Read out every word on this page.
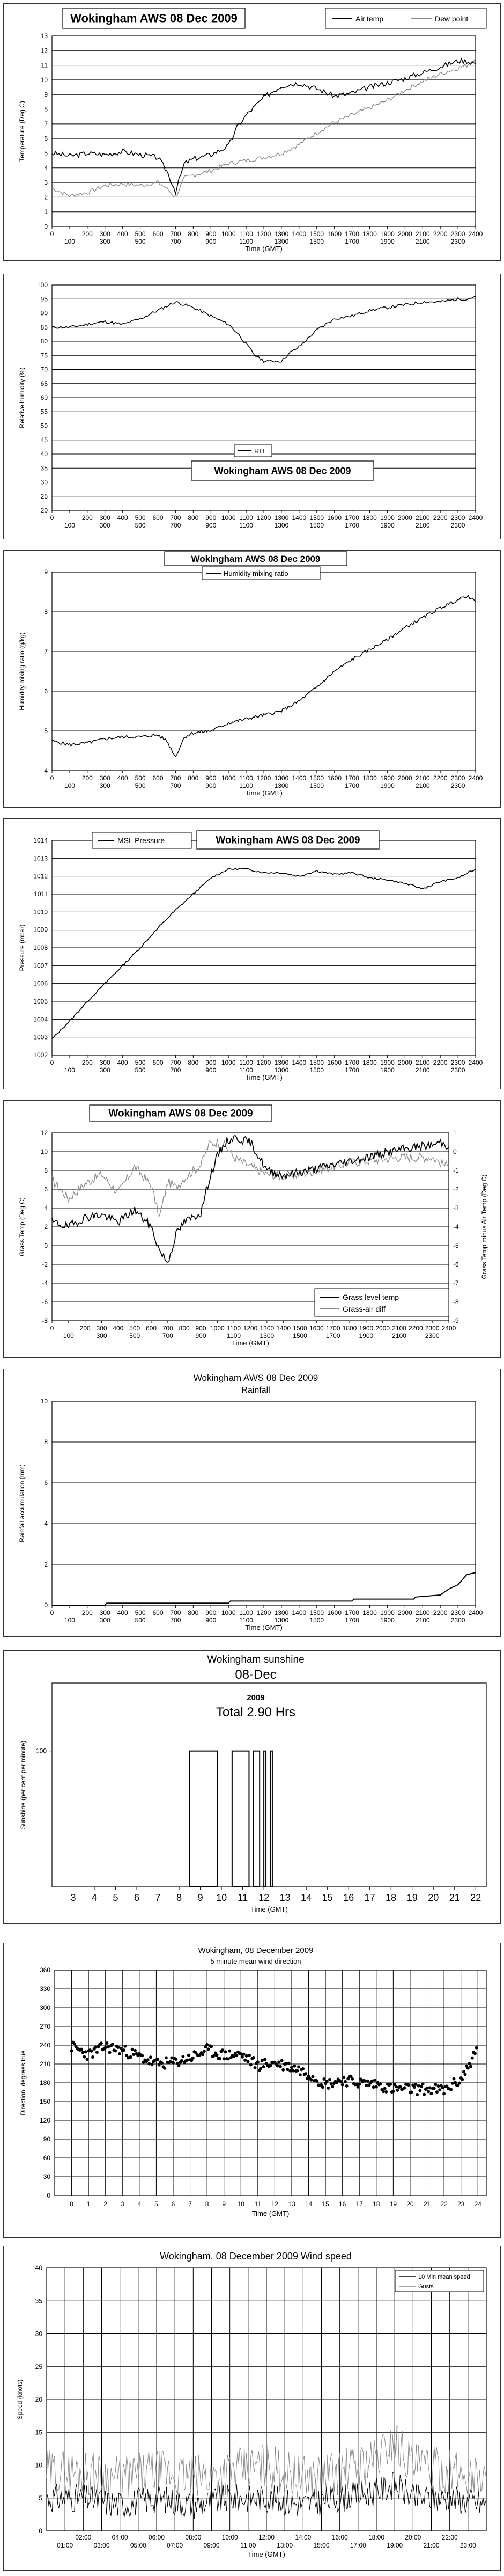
0
1
2
3
4
5
6
7
8
9
10
11
12
13
0	200 300 400 500 600 700 800 900 1000 1100 1200 1300 1400 1500 1600 1700 1800 1900 2000 2100 2200 2300 2400
100	300	500	700	900	1100	1300	1500	1700	1900	2100	2300
Time (GMT)
Temperature (Deg C)
Wokingham AWS 08 Dec 2009	Air temp	Dew point
20
25
30
35
40
45
50
55
60
65
70
75
80
85
90
95
100
0	200 300 400 500 600 700 800 900 1000 1100 1200 1300 1400 1500 1600 1700 1800 1900 2000 2100 2200 2300 2400
100	300	500	700	900	1100	1300	1500	1700	1900	2100	2300
Relative humidity (%)
RH
Wokingham AWS 08 Dec 2009
4
5
6
7
8
9
0	200 300 400 500 600 700 800 900 1000 1100 1200 1300 1400 1500 1600 1700 1800 1900 2000 2100 2200 2300 2400
100	300	500	700	900	1100	1300	1500	1700	1900	2100	2300
Time (GMT)
Humidity mixing ratio (g/kg)
Wokingham AWS 08 Dec 2009
Humidity mixing ratio
1002
1003
1004
1005
1006
1007
1008
1009
1010
1011
1012
1013
1014
0	200 300 400 500 600 700 800 900 1000 1100 1200 1300 1400 1500 1600 1700 1800 1900 2000 2100 2200 2300 2400
100	300	500	700	900	1100	1300	1500	1700	1900	2100	2300
Time (GMT)
Pressure (mbar)
MSL Pressure	Wokingham AWS 08 Dec 2009
-8
-6
-4
-2
0
2
4
6
8
10
12
-9
-8
-7
-6
-5
-4
-3
-2
-1
0
1
0	200 300 400 500 600 700 800 900 1000 1100 1200 1300 1400 1500 1600 1700 1800 1900 2000 2100 2200 2300 2400
100	300	500	700	900	1100	1300	1500	1700	1900	2100	2300
Time (GMT)
Grass Temp (Deg C)	Grass Temp minus Air Temp (Deg C)
Wokingham AWS 08 Dec 2009
Grass level temp
Grass-air diff
0
2
4
6
8
10
0	200 300 400 500 600 700 800 900 1000 1100 1200 1300 1400 1500 1600 1700 1800 1900 2000 2100 2200 2300 2400
100	300	500	700	900	1100	1300	1500	1700	1900	2100	2300
Time (GMT)
Rainfall accumulation (mm)
Wokingham AWS 08 Dec 2009
Rainfall
100
3 4 5 6 7 8 9 10 11 12 13 14 15 16 17 18 19 20 21 22
Time (GMT)
Sunshine (per cent per minute)
Wokingham sunshine
08-Dec
2009
Total 2.90 Hrs
0
30
60
90
120
150
180
210
240
270
300
330
360
0 1 2 3 4 5 6 7 8 9 10 11 12 13 14 15 16 17 18 19 20 21 22 23 24
Time (GMT)
Direction, degrees true
Wokingham, 08 December 2009
5 minute mean wind direction
0
5
10
15
20
25
30
35
40
02:00	04:00	06:00	08:00	10:00	12:00	14:00	16:00	18:00	20:00	22:00
01:00	03:00	05:00	07:00	09:00	11:00	13:00	15:00	17:00	19:00	21:00	23:00
Time (GMT)
Speed (knots)
Wokingham, 08 December 2009 Wind speed
10 Min mean speed
Gusts
